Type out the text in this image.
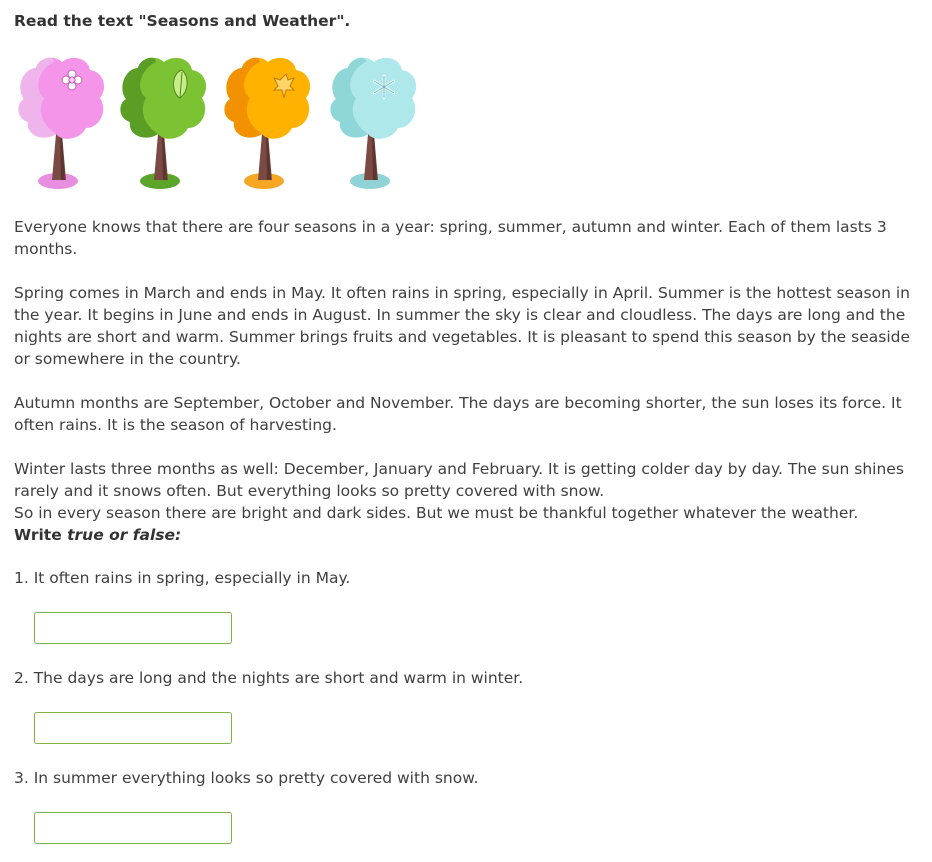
Read the text "Seasons and Weather".

Everyone knows that there are four seasons in a year: spring, summer, autumn and winter. Each of them lasts 3 months.

Spring comes in March and ends in May. It often rains in spring, especially in April. Summer is the hottest season in the year. It begins in June and ends in August. In summer the sky is clear and cloudless. The days are long and the nights are short and warm. Summer brings fruits and vegetables. It is pleasant to spend this season by the seaside or somewhere in the country.

Autumn months are September, October and November. The days are becoming shorter, the sun loses its force. It often rains. It is the season of harvesting.

Winter lasts three months as well: December, January and February. It is getting colder day by day. The sun shines rarely and it snows often. But everything looks so pretty covered with snow.

So in every season there are bright and dark sides. But we must be thankful together whatever the weather.

Write true or false:

1. It often rains in spring, especially in May.
2. The days are long and the nights are short and warm in winter.
3. In summer everything looks so pretty covered with snow.
